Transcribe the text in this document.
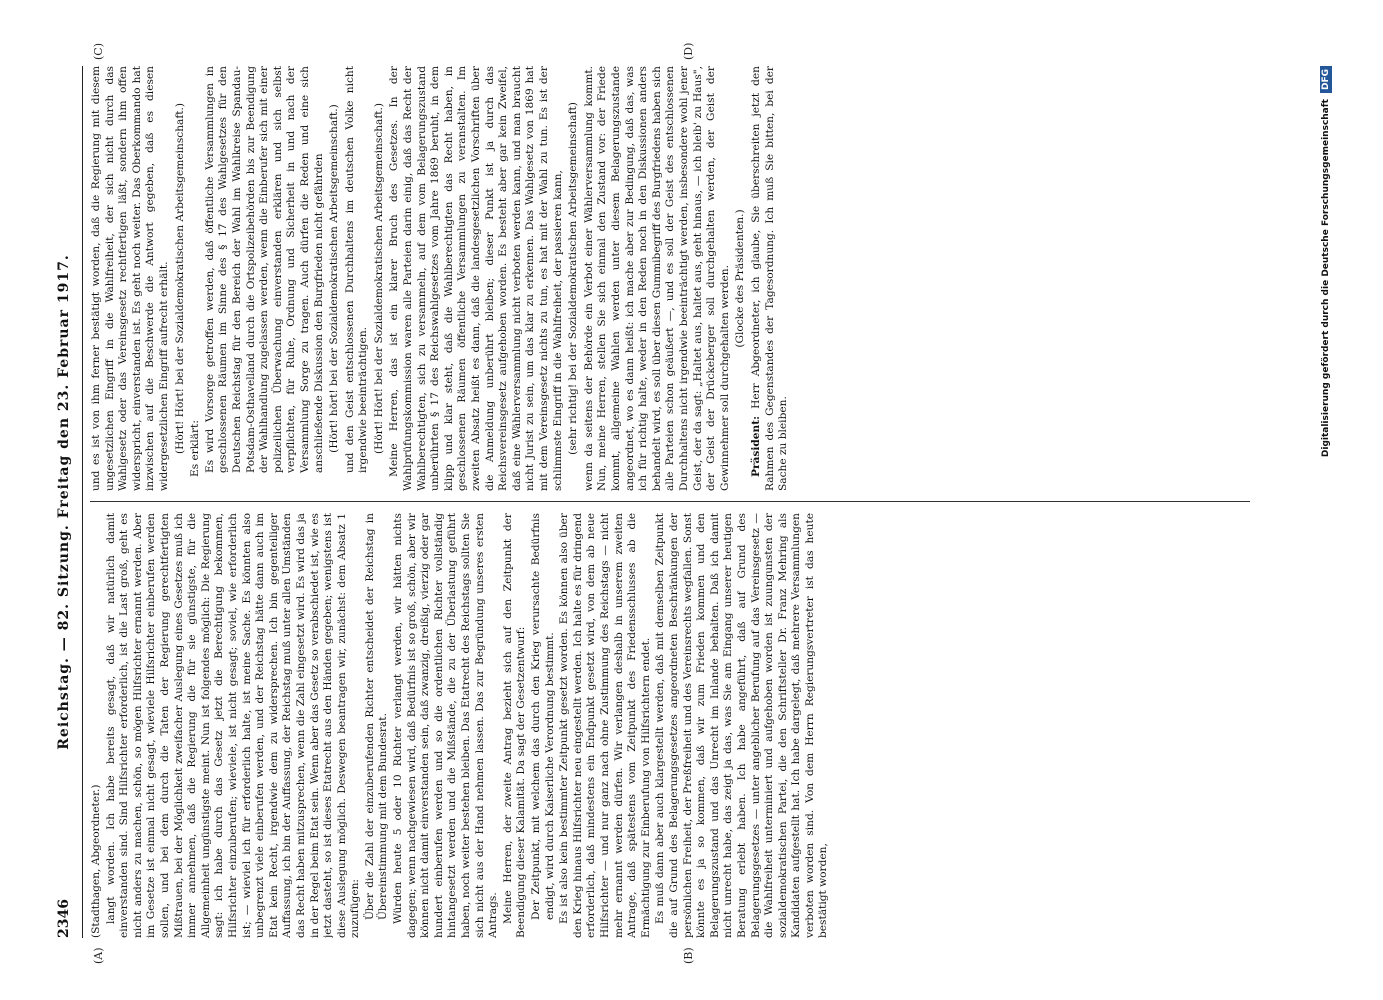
2346
Reichstag. — 82. Sitzung. Freitag den 23. Februar 1917.
(A)	(B)
(C)	(D)

(Stadthagen, Abgeordneter.) langt worden. Ich habe bereits gesagt, daß wir natürlich damit einverstanden sind. Sind Hilfsrichter erforderlich, ist die Last groß, geht es nicht anders zu machen, schön, so mögen Hilfsrichter ernannt werden. Aber im Gesetze ist einmal nicht gesagt, wieviele Hilfsrichter einberufen werden sollen, und bei dem durch die Taten der Regierung gerechtfertigten Mißtrauen, bei der Möglichkeit zweifacher Auslegung eines Gesetzes muß ich immer annehmen, daß die Regierung die für sie günstigste, für die Allgemeinheit ungünstigste meint. Nun ist folgendes möglich: Die Regierung sagt: ich habe durch das Gesetz jetzt die Berechtigung bekommen, Hilfsrichter einzuberufen; wieviele, ist nicht gesagt; soviel, wie erforderlich ist; — wieviel ich für erforderlich halte, ist meine Sache. Es könnten also unbegrenzt viele einberufen werden, und der Reichstag hätte dann auch im Etat kein Recht, irgendwie dem zu widersprechen. Ich bin gegenteiliger Auffassung, ich bin der Auffassung, der Reichstag muß unter allen Umständen das Recht haben mitzusprechen, wenn die Zahl eingesetzt wird. Es wird das ja in der Regel beim Etat sein. Wenn aber das Gesetz so verabschiedet ist, wie es jetzt dasteht, so ist dieses Etatrecht aus den Händen gegeben; wenigstens ist diese Auslegung möglich. Deswegen beantragen wir, zunächst: dem Absatz 1 zuzufügen: Über die Zahl der einzuberufenden Richter entscheidet der Reichstag in Übereinstimmung mit dem Bundesrat. Würden heute 5 oder 10 Richter verlangt werden, wir hätten nichts dagegen; wenn nachgewiesen wird, daß Bedürfnis ist so groß, schön, aber wir können nicht damit einverstanden sein, daß zwanzig, dreißig, vierzig oder gar hundert einberufen werden und so die ordentlichen Richter vollständig hintangesetzt werden und die Mißstände, die zu der Überlastung geführt haben, noch weiter bestehen bleiben. Das Etatrecht des Reichstags sollten Sie sich nicht aus der Hand nehmen lassen. Das zur Begründung unseres ersten Antrags. Meine Herren, der zweite Antrag bezieht sich auf den Zeitpunkt der Beendigung dieser Kalamität. Da sagt der Gesetzentwurf: Der Zeitpunkt, mit welchem das durch den Krieg verursachte Bedürfnis endigt, wird durch Kaiserliche Verordnung bestimmt. Es ist also kein bestimmter Zeitpunkt gesetzt worden. Es können also über den Krieg hinaus Hilfsrichter neu eingestellt werden. Ich halte es für dringend erforderlich, daß mindestens ein Endpunkt gesetzt wird, von dem ab neue Hilfsrichter — und nur ganz nach ohne Zustimmung des Reichstags — nicht mehr ernannt werden dürfen. Wir verlangen deshalb in unserem zweiten Antrage, daß spätestens vom Zeitpunkt des Friedensschlusses ab die Ermächtigung zur Einberufung von Hilfsrichtern endet. Es muß dann aber auch klargestellt werden, daß mit demselben Zeitpunkt die auf Grund des Belagerungsgesetzes angeordneten Beschränkungen der persönlichen Freiheit, der Preßfreiheit und des Vereinsrechts wegfallen. Sonst könnte es ja so kommen, daß wir zum Frieden kommen und den Belagerungszustand und das Unrecht im Inlande behalten. Daß ich damit nicht unrecht habe, das zeigt ja das, was Sie am Eingang unserer heutigen Beratung erlebt haben. Ich habe angeführt, daß auf Grund des Belagerungsgesetzes — unter angeblicher Berufung auf das Vereinsgesetz — die Wahlfreiheit unterminiert und aufgehoben worden ist zuungunsten der sozialdemokratischen Partei, die den Schriftsteller Dr. Franz Mehring als Kandidaten aufgestellt hat. Ich habe dargelegt, daß mehrere Versammlungen verboten worden sind. Von dem Herrn Regierungsvertreter ist das heute bestätigt worden,

und es ist von ihm ferner bestätigt worden, daß die Regierung mit diesem ungesetzlichen Eingriff in die Wahlfreiheit, der sich nicht durch das Wahlgesetz oder das Vereinsgesetz rechtfertigen läßt, sondern ihm offen widerspricht, einverstanden ist. Es geht noch weiter. Das Oberkommando hat inzwischen auf die Beschwerde die Antwort gegeben, daß es diesen widergesetzlichen Eingriff aufrecht erhält. (Hört! Hört! bei der Sozialdemokratischen Arbeitsgemeinschaft.) Es erklärt: Es wird Vorsorge getroffen werden, daß öffentliche Versammlungen in geschlossenen Räumen im Sinne des § 17 des Wahlgesetzes für den Deutschen Reichstag für den Bereich der Wahl im Wahlkreise Spandau-Potsdam-Osthavelland durch die Ortspolizeibehörden bis zur Beendigung der Wahlhandlung zugelassen werden, wenn die Einberufer sich mit einer polizeilichen Überwachung einverstanden erklären und sich selbst verpflichten, für Ruhe, Ordnung und Sicherheit in und nach der Versammlung Sorge zu tragen. Auch dürfen die Reden und eine sich anschließende Diskussion den Burgfrieden nicht gefährden (Hört! hört! bei der Sozialdemokratischen Arbeitsgemeinschaft.) und den Geist entschlossenen Durchhaltens im deutschen Volke nicht irgendwie beeinträchtigen. (Hört! Hört! bei der Sozialdemokratischen Arbeitsgemeinschaft.) Meine Herren, das ist ein klarer Bruch des Gesetzes. In der Wahlprüfungskommission waren alle Parteien darin einig, daß das Recht der Wahlberechtigten, sich zu versammeln, auf dem vom Belagerungszustand unberührten § 17 des Reichswahlgesetzes vom Jahre 1869 beruht, in dem klipp und klar steht, daß die Wahlberechtigten das Recht haben, in geschlossenen Räumen öffentliche Versammlungen zu veranstalten. Im zweiten Absatz heißt es dann, daß die landesgesetzlichen Vorschriften über die Anmeldung unberührt bleiben; dieser Punkt ist ja durch das Reichsvereinsgesetz aufgehoben worden. Es besteht aber gar kein Zweifel, daß eine Wählerversammlung nicht verboten werden kann, und man braucht nicht Jurist zu sein, um das klar zu erkennen. Das Wahlgesetz von 1869 hat mit dem Vereinsgesetz nichts zu tun, es hat mit der Wahl zu tun. Es ist der schlimmste Eingriff in die Wahlfreiheit, der passieren kann, (sehr richtig! bei der Sozialdemokratischen Arbeitsgemeinschaft) wenn da seitens der Behörde ein Verbot einer Wählerversammlung kommt. Nun, meine Herren, stellen Sie sich einmal den Zustand vor: der Friede kommt, allgemeine Wahlen werden unter diesem Belagerungszustande angeordnet, wo es dann heißt: ich mache aber zur Bedingung, daß das, was ich für richtig halte, weder in den Reden noch in den Diskussionen anders behandelt wird, es soll über diesen Gummibegriff des Burgfriedens haben sich alle Parteien schon geäußert —, und es soll der Geist des entschlossenen Durchhaltens nicht irgendwie beeinträchtigt werden, insbesondere wohl jener Geist, der da sagt: „Haltet aus, haltet aus, geht hinaus, — ich bleib' zu Haus", der Geist der Drückeberger soll durchgehalten werden, der Geist der Gewinnehmer soll durchgehalten werden. (Glocke des Präsidenten.)

Präsident: Herr Abgeordneter, ich glaube, Sie überschreiten jetzt den Rahmen des Gegenstandes der Tagesordnung. Ich muß Sie bitten, bei der Sache zu bleiben.	Digitalisierung gefördert durch die Deutsche ForschungsgemeinschaftDFG
